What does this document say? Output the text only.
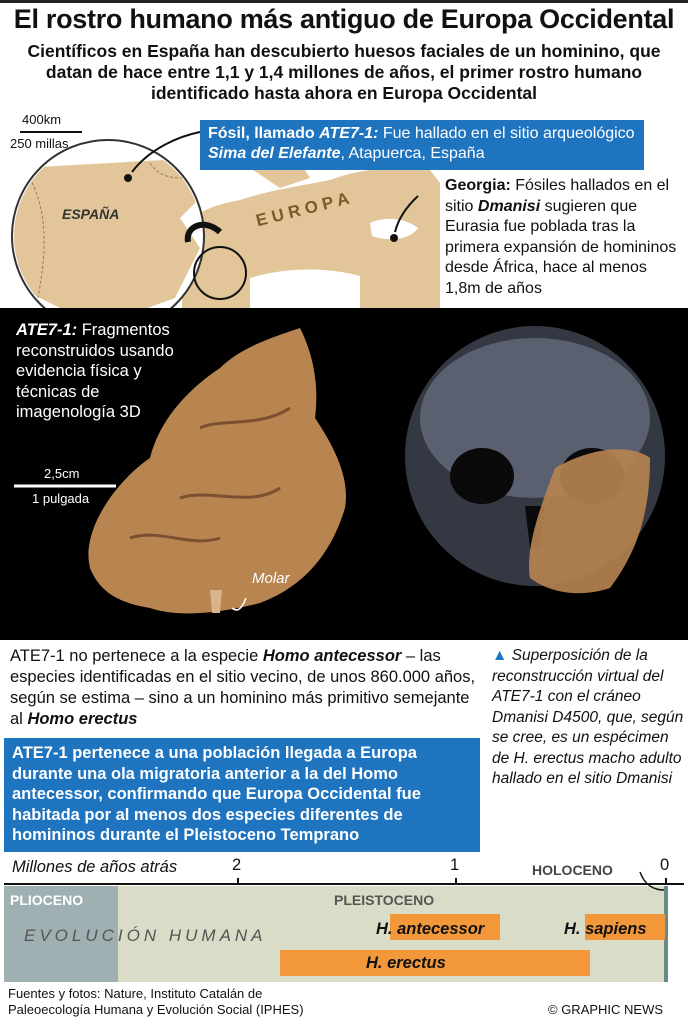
El rostro humano más antiguo de Europa Occidental
Científicos en España han descubierto huesos faciales de un hominino, que datan de hace entre 1,1 y 1,4 millones de años, el primer rostro humano identificado hasta ahora en Europa Occidental
400km
250 millas
ESPAÑA	E U R O P A
Fósil, llamado ATE7-1: Fue hallado en el sitio arqueológico Sima del Elefante, Atapuerca, España
Georgia: Fósiles hallados en el sitio Dmanisi sugieren que Eurasia fue poblada tras la primera expansión de homininos desde África, hace al menos 1,8m de años
ATE7-1: Fragmentos reconstruidos usando evidencia física y técnicas de imagenología 3D
2,5cm
1 pulgada
Molar
ATE7-1 no pertenece a la especie Homo antecessor – las especies identificadas en el sitio vecino, de unos 860.000 años, según se estima – sino a un hominino más primitivo semejante al Homo erectus
ATE7-1 pertenece a una población llegada a Europa durante una ola migratoria anterior a la del Homo antecessor, confirmando que Europa Occidental fue habitada por al menos dos especies diferentes de homininos durante el Pleistoceno Temprano
▲ Superposición de la reconstrucción virtual del ATE7-1 con el cráneo Dmanisi D4500, que, según se cree, es un espécimen de H. erectus macho adulto hallado en el sitio Dmanisi
Millones de años atrás	2	1	0
HOLOCENO
PLIOCENO	PLEISTOCENO
EVOLUCIÓN HUMANA	H. antecessor	H. sapiens
H. erectus
Fuentes y fotos: Nature, Instituto Catalán de Paleoecología Humana y Evolución Social (IPHES)	© GRAPHIC NEWS
